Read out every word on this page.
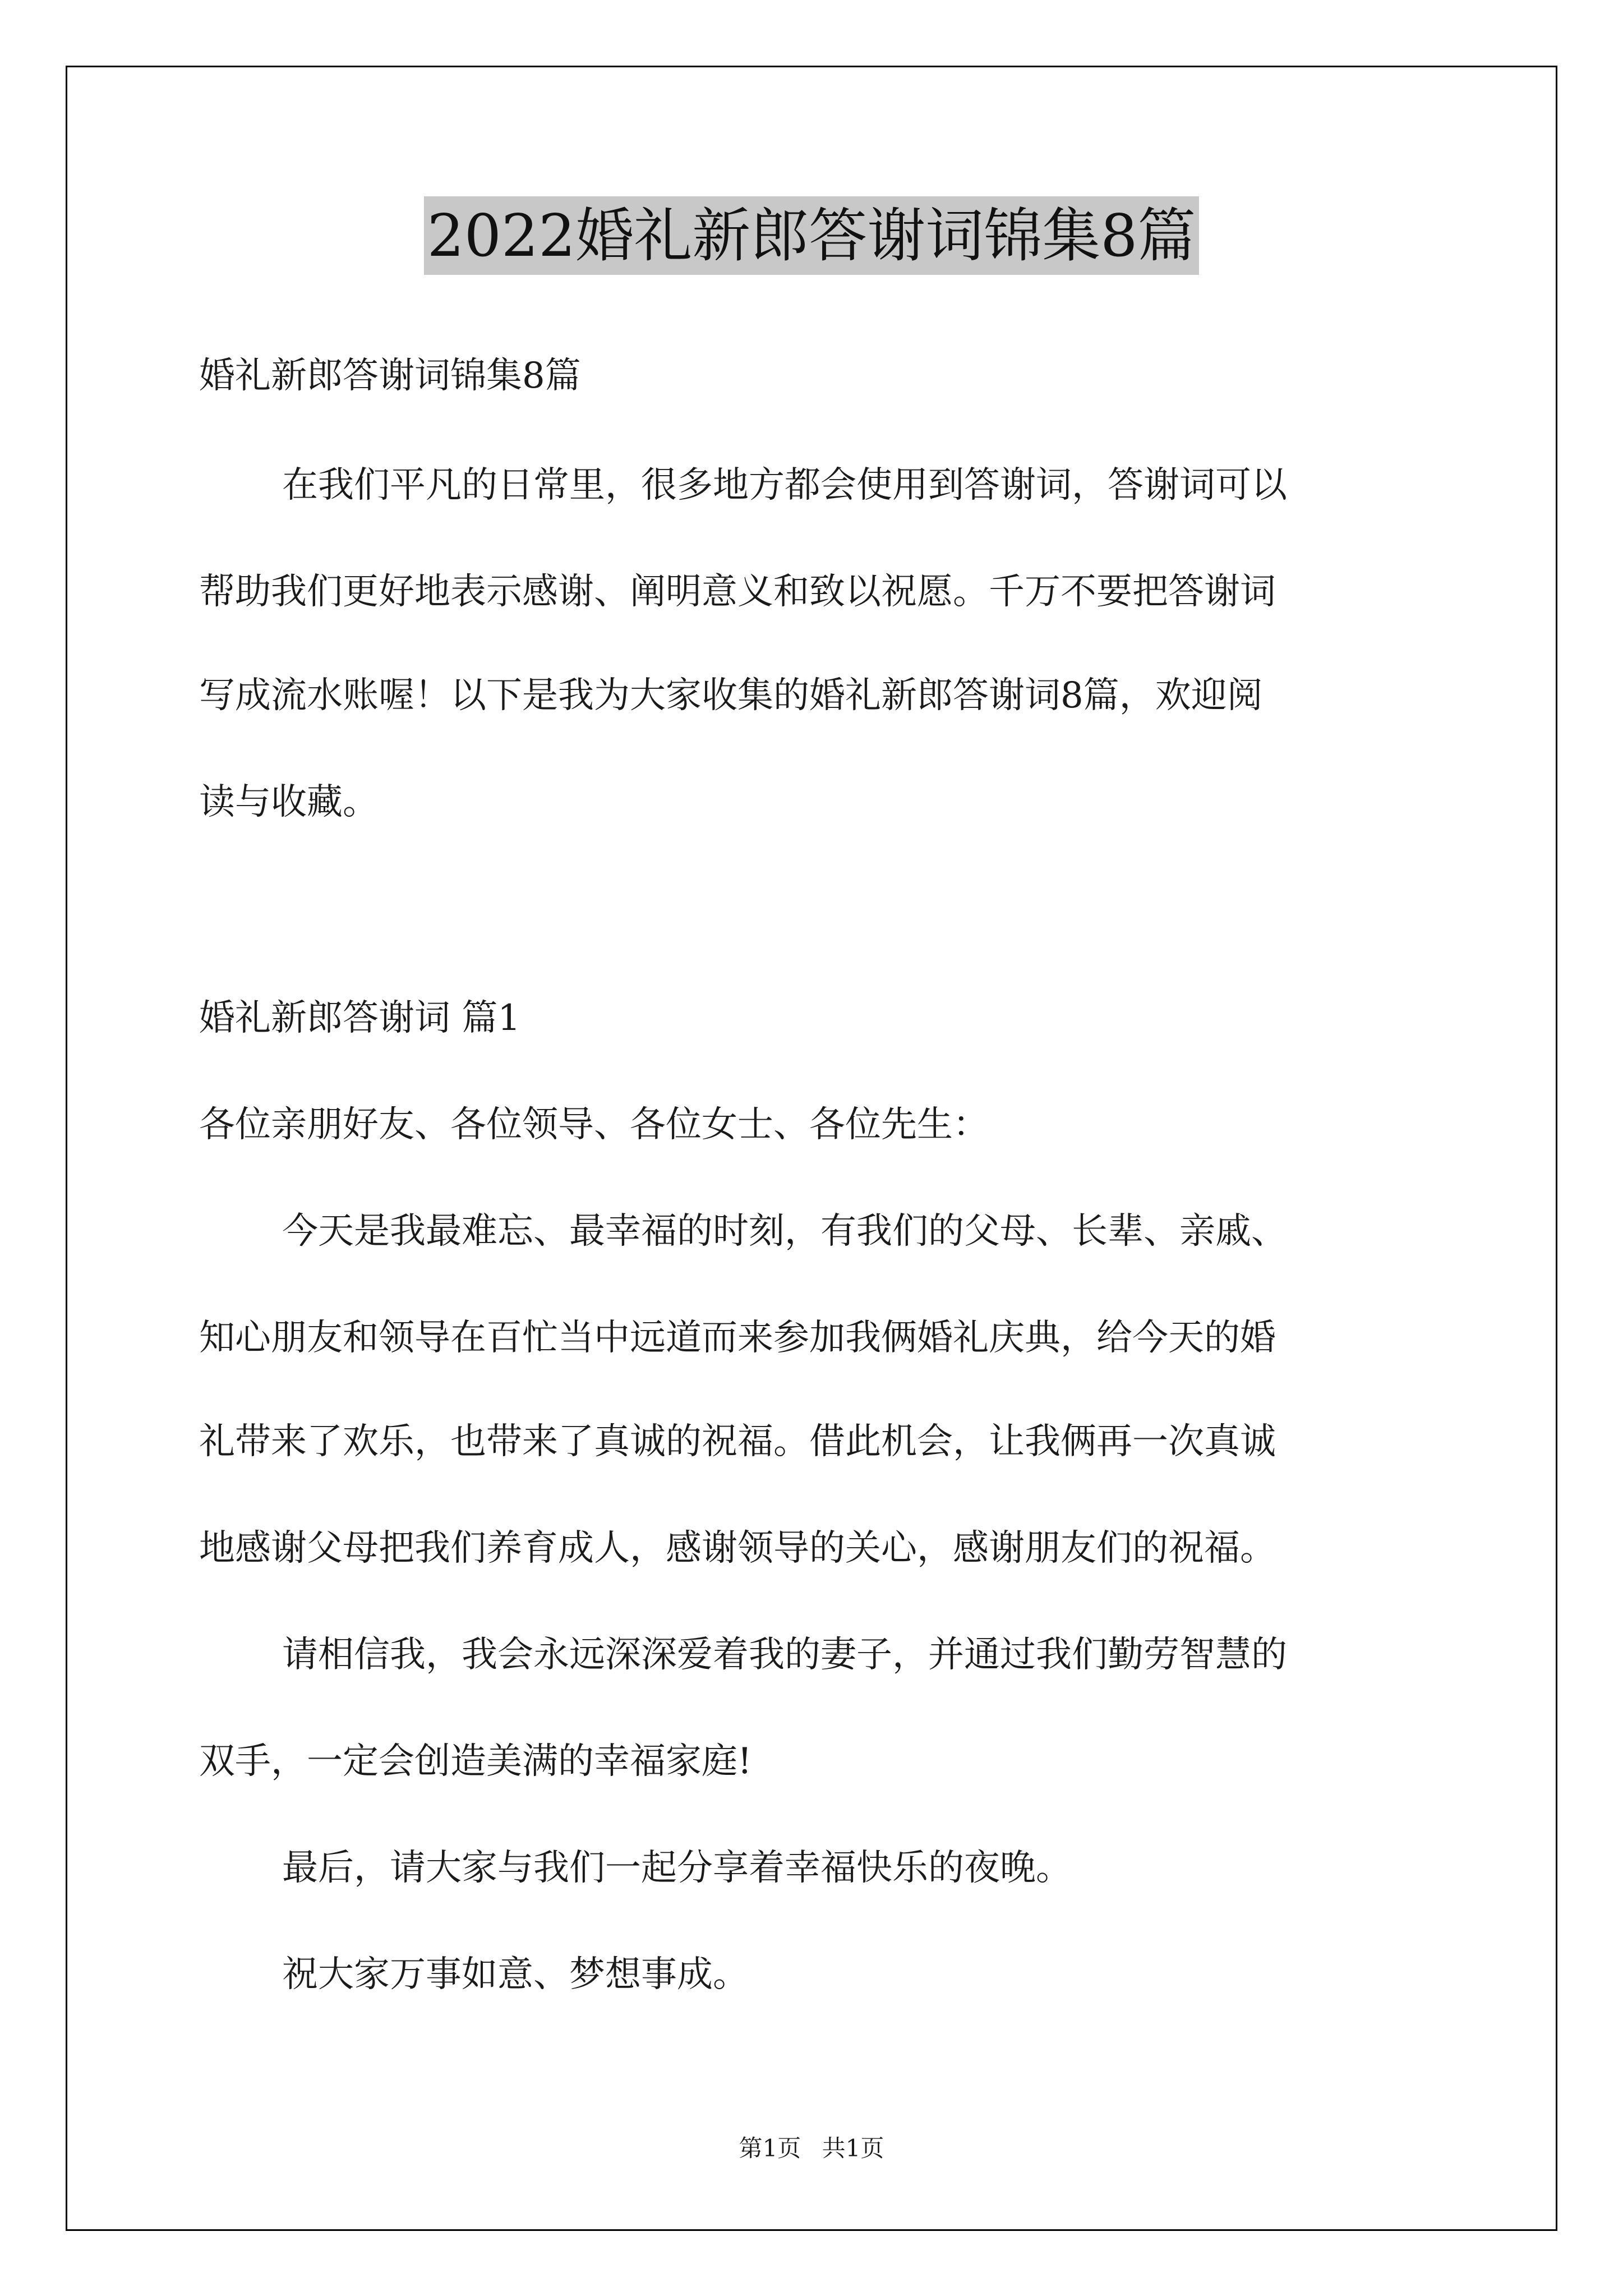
2022婚礼新郎答谢词锦集8篇
婚礼新郎答谢词锦集8篇
在我们平凡的日常里，很多地方都会使用到答谢词，答谢词可以
帮助我们更好地表示感谢、阐明意义和致以祝愿。千万不要把答谢词
写成流水账喔！以下是我为大家收集的婚礼新郎答谢词8篇，欢迎阅
读与收藏。
婚礼新郎答谢词 篇1
各位亲朋好友、各位领导、各位女士、各位先生：
今天是我最难忘、最幸福的时刻，有我们的父母、长辈、亲戚、
知心朋友和领导在百忙当中远道而来参加我俩婚礼庆典，给今天的婚
礼带来了欢乐，也带来了真诚的祝福。借此机会，让我俩再一次真诚
地感谢父母把我们养育成人，感谢领导的关心，感谢朋友们的祝福。
请相信我，我会永远深深爱着我的妻子，并通过我们勤劳智慧的
双手，一定会创造美满的幸福家庭!
最后，请大家与我们一起分享着幸福快乐的夜晚。
祝大家万事如意、梦想事成。
第1页 共1页
